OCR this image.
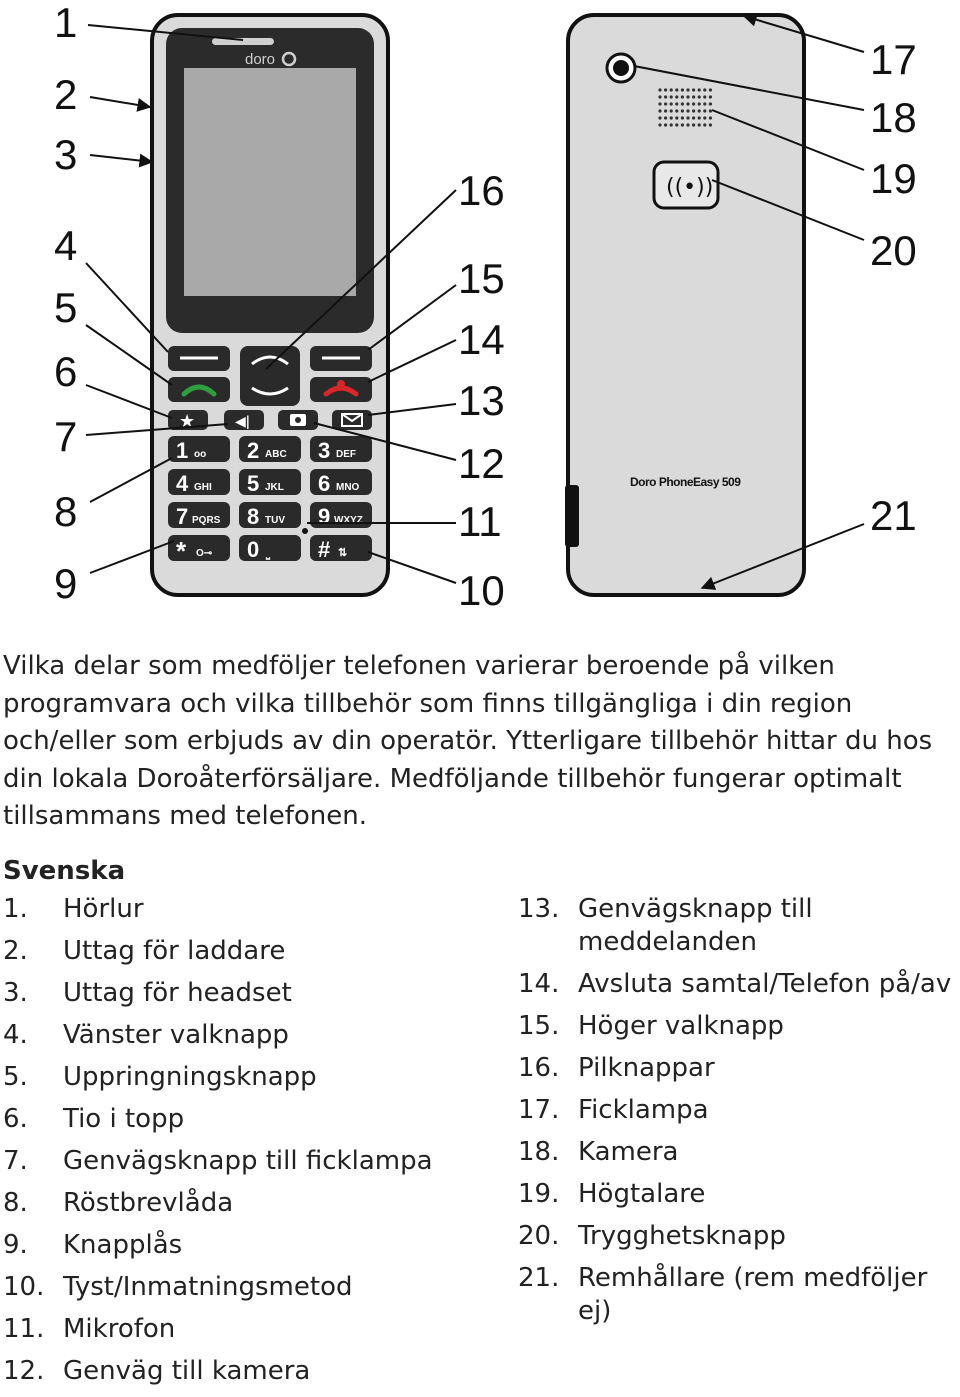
doro
★	◀ǀ
1 ᴏᴏ 2 ABC 3 DEF
4 GHI 5 JKL 6 MNO
7 PQRS 8 TUV 9 WXYZ
* O⊸ 0 ⎵ # ⇅
((•))
Doro PhoneEasy 509
1
2
3
4
5
6
7
8
9	10
11
12
13
14
15
16
17
18
19
20
21

Vilka delar som medföljer telefonen varierar beroende på vilken programvara och vilka tillbehör som finns tillgängliga i din region och/eller som erbjuds av din operatör. Ytterligare tillbehör hittar du hos din lokala Doroåterförsäljare. Medföljande tillbehör fungerar optimalt tillsammans med telefonen.

Svenska
1.	Hörlur
2.	Uttag för laddare
3.	Uttag för headset
4.	Vänster valknapp
5.	Uppringningsknapp
6.	Tio i topp
7.	Genvägsknapp till ficklampa
8.	Röstbrevlåda
9.	Knapplås
10. Tyst/Inmatningsmetod
11. Mikrofon
12. Genväg till kamera
13. Genvägsknapp till meddelanden
14. Avsluta samtal/Telefon på/av
15. Höger valknapp
16. Pilknappar
17. Ficklampa
18. Kamera
19. Högtalare
20. Trygghetsknapp
21. Remhållare (rem medföljer ej)
